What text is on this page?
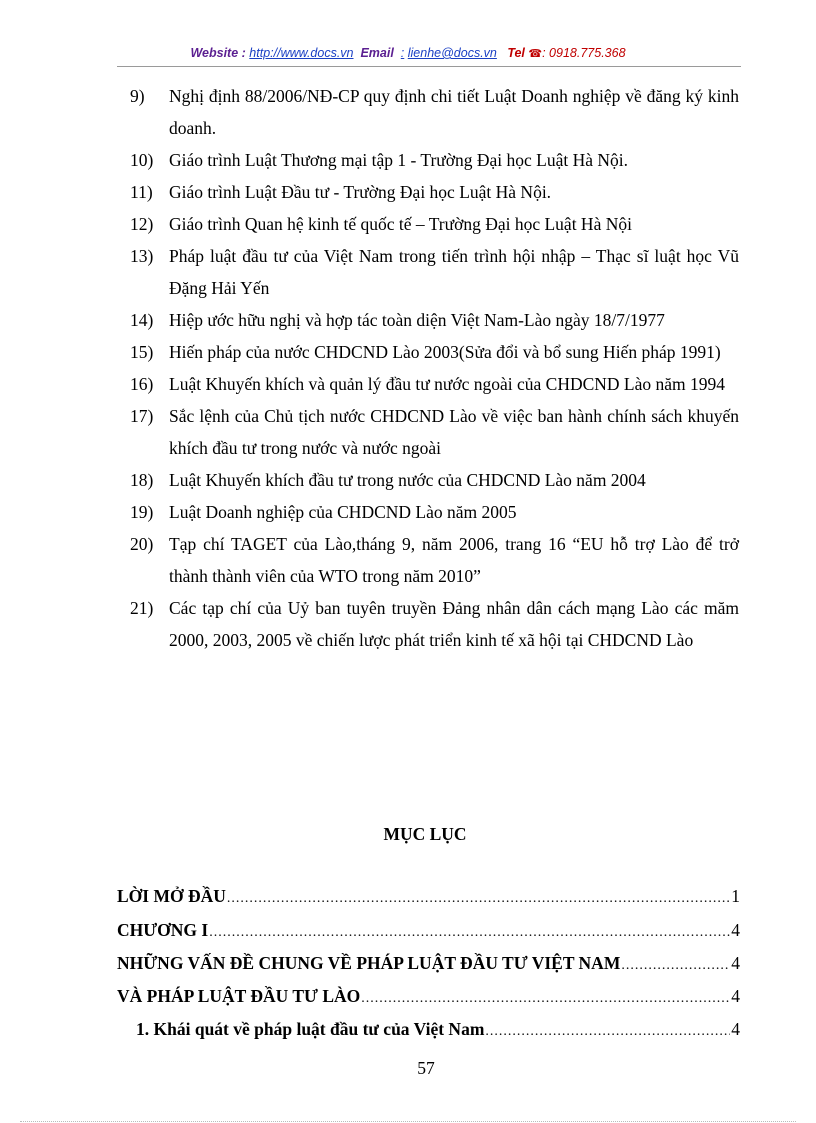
Website : http://www.docs.vn Email : lienhe@docs.vn Tel ☎: 0918.775.368
9)	Nghị định 88/2006/NĐ-CP quy định chi tiết Luật Doanh nghiệp về đăng ký kinh doanh.
10) Giáo trình Luật Thương mại tập 1 - Trường Đại học Luật Hà Nội.
11) Giáo trình Luật Đầu tư - Trường Đại học Luật Hà Nội.
12) Giáo trình Quan hệ kinh tế quốc tế – Trường Đại học Luật Hà Nội
13) Pháp luật đầu tư của Việt Nam trong tiến trình hội nhập – Thạc sĩ luật học Vũ Đặng Hải Yến
14) Hiệp ước hữu nghị và hợp tác toàn diện Việt Nam-Lào ngày 18/7/1977
15) Hiến pháp của nước CHDCND Lào 2003(Sửa đổi và bổ sung Hiến pháp 1991)
16) Luật Khuyến khích và quản lý đầu tư nước ngoài của CHDCND Lào năm 1994
17) Sắc lệnh của Chủ tịch nước CHDCND Lào về việc ban hành chính sách khuyến khích đầu tư trong nước và nước ngoài
18) Luật Khuyến khích đầu tư trong nước của CHDCND Lào năm 2004
19) Luật Doanh nghiệp của CHDCND Lào năm 2005
20) Tạp chí TAGET của Lào,tháng 9, năm 2006, trang 16 “EU hỗ trợ Lào để trở thành thành viên của WTO trong năm 2010”
21) Các tạp chí của Uỷ ban tuyên truyền Đảng nhân dân cách mạng Lào các măm 2000, 2003, 2005 về chiến lược phát triển kinh tế xã hội tại CHDCND Lào
MỤC LỤC
LỜI MỞ ĐẦU .....	1
CHƯƠNG I .....	4
NHỮNG VẤN ĐỀ CHUNG VỀ PHÁP LUẬT ĐẦU TƯ VIỆT NAM .....	4
VÀ PHÁP LUẬT ĐẦU TƯ LÀO .....	4
1. Khái quát về pháp luật đầu tư của Việt Nam .....	4
57
